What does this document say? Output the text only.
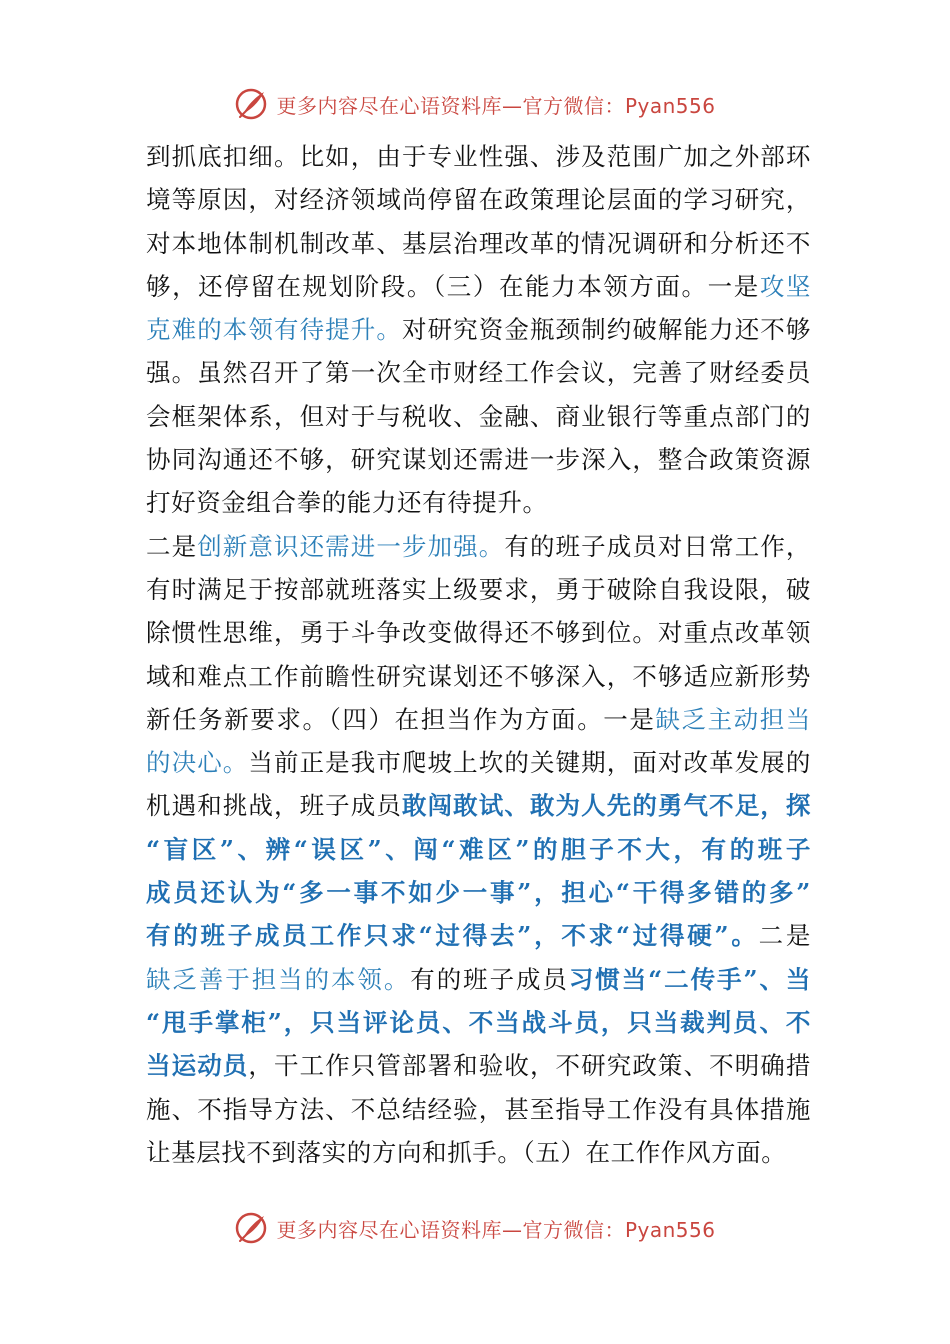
更多内容尽在心语资料库—官方微信：Pyan556
到抓底扣细。比如，由于专业性强、涉及范围广加之外部环
境等原因，对经济领域尚停留在政策理论层面的学习研究，
对本地体制机制改革、基层治理改革的情况调研和分析还不
够，还停留在规划阶段。（三）在能力本领方面。一是攻坚
克难的本领有待提升。对研究资金瓶颈制约破解能力还不够
强。虽然召开了第一次全市财经工作会议，完善了财经委员
会框架体系，但对于与税收、金融、商业银行等重点部门的
协同沟通还不够，研究谋划还需进一步深入，整合政策资源
打好资金组合拳的能力还有待提升。
二是创新意识还需进一步加强。有的班子成员对日常工作，
有时满足于按部就班落实上级要求，勇于破除自我设限，破
除惯性思维，勇于斗争改变做得还不够到位。对重点改革领
域和难点工作前瞻性研究谋划还不够深入，不够适应新形势
新任务新要求。（四）在担当作为方面。一是缺乏主动担当
的决心。当前正是我市爬坡上坎的关键期，面对改革发展的
机遇和挑战，班子成员敢闯敢试、敢为人先的勇气不足，探
“盲区”、辨“误区”、闯“难区”的胆子不大，有的班子
成员还认为“多一事不如少一事”，担心“干得多错的多”
有的班子成员工作只求“过得去”，不求“过得硬”。二是
缺乏善于担当的本领。有的班子成员习惯当“二传手”、当
“甩手掌柜”，只当评论员、不当战斗员，只当裁判员、不
当运动员，干工作只管部署和验收，不研究政策、不明确措
施、不指导方法、不总结经验，甚至指导工作没有具体措施
让基层找不到落实的方向和抓手。（五）在工作作风方面。
更多内容尽在心语资料库—官方微信：Pyan556
